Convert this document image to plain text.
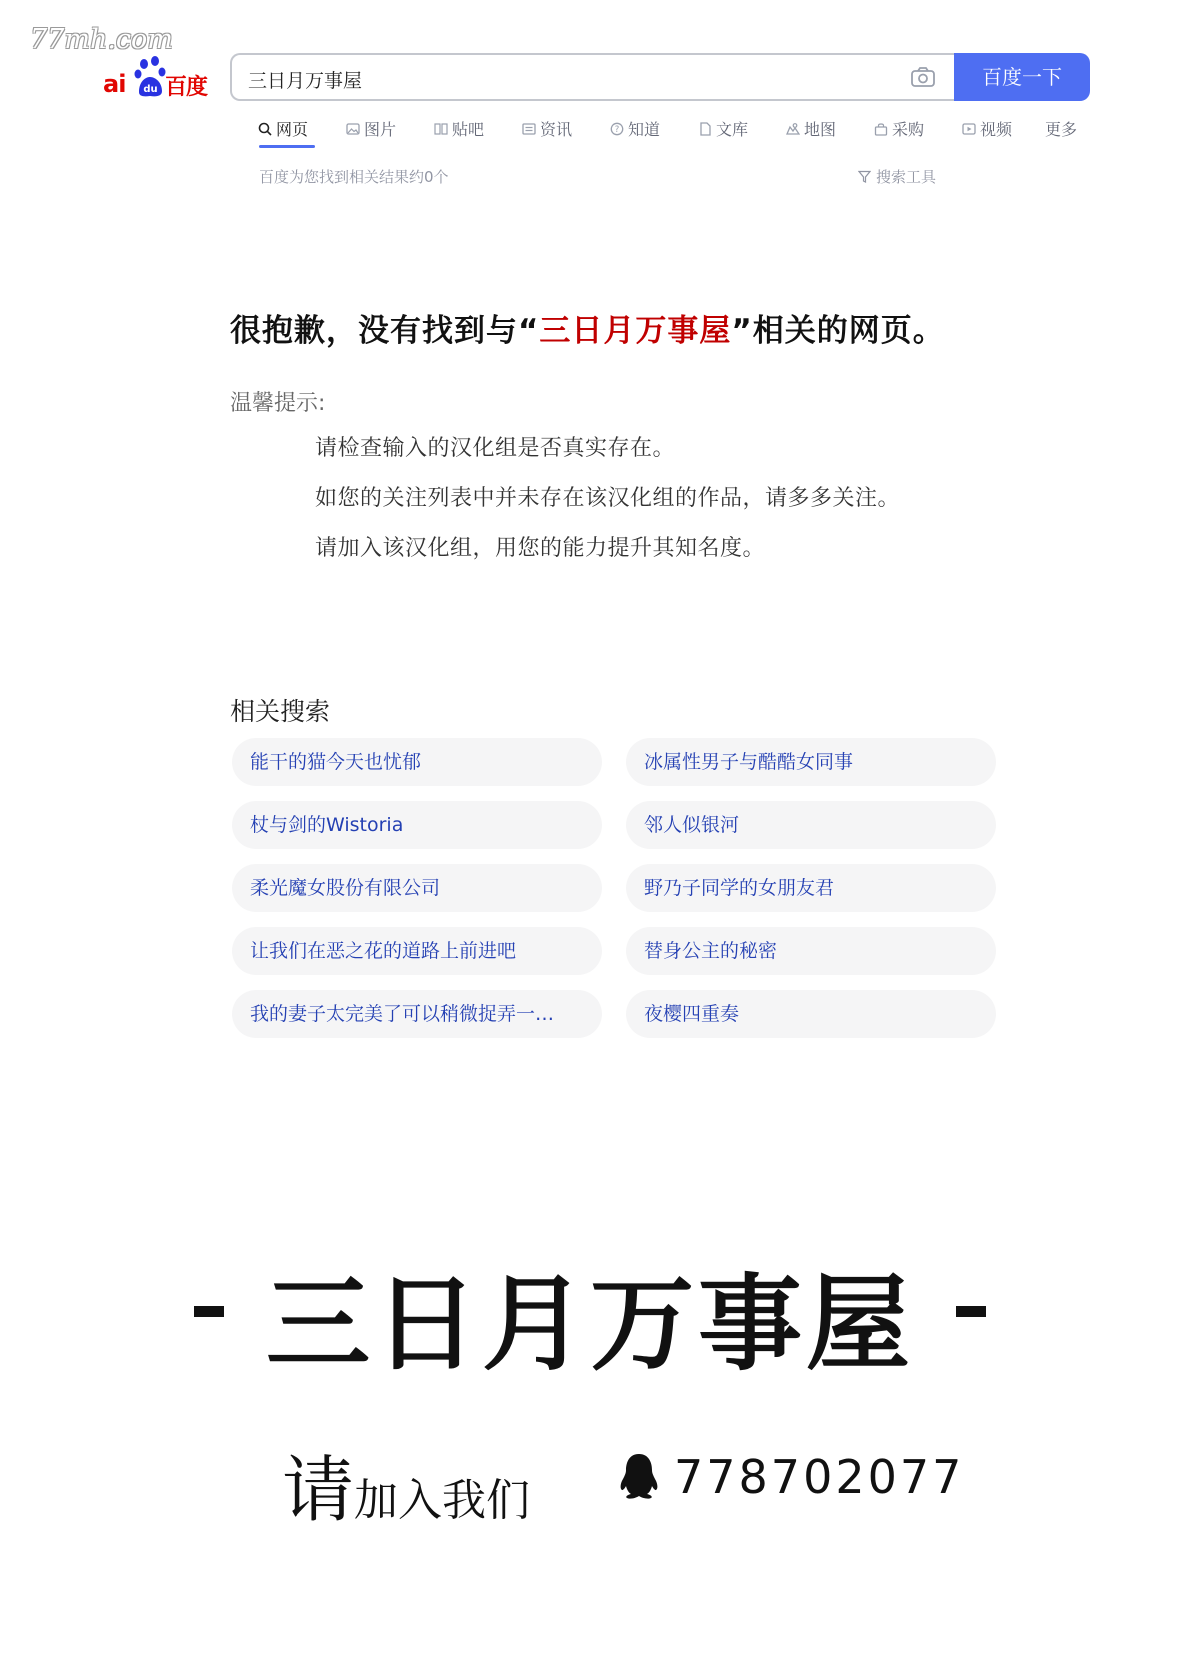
77mh.com
ai du 百度 三日月万事屋	百度一下
网页	图片	贴吧	资讯	? 知道	文库	地图	采购	视频 更多
百度为您找到相关结果约0个	搜索工具
很抱歉，没有找到与“三日月万事屋”相关的网页。
温馨提示:
请检查输入的汉化组是否真实存在。
如您的关注列表中并未存在该汉化组的作品，请多多关注。
请加入该汉化组，用您的能力提升其知名度。
相关搜索
能干的猫今天也忧郁	冰属性男子与酷酷女同事
杖与剑的Wistoria	邻人似银河
柔光魔女股份有限公司	野乃子同学的女朋友君
让我们在恶之花的道路上前进吧	替身公主的秘密
我的妻子太完美了可以稍微捉弄一…	夜樱四重奏
三日月万事屋
请加入我们	778702077
